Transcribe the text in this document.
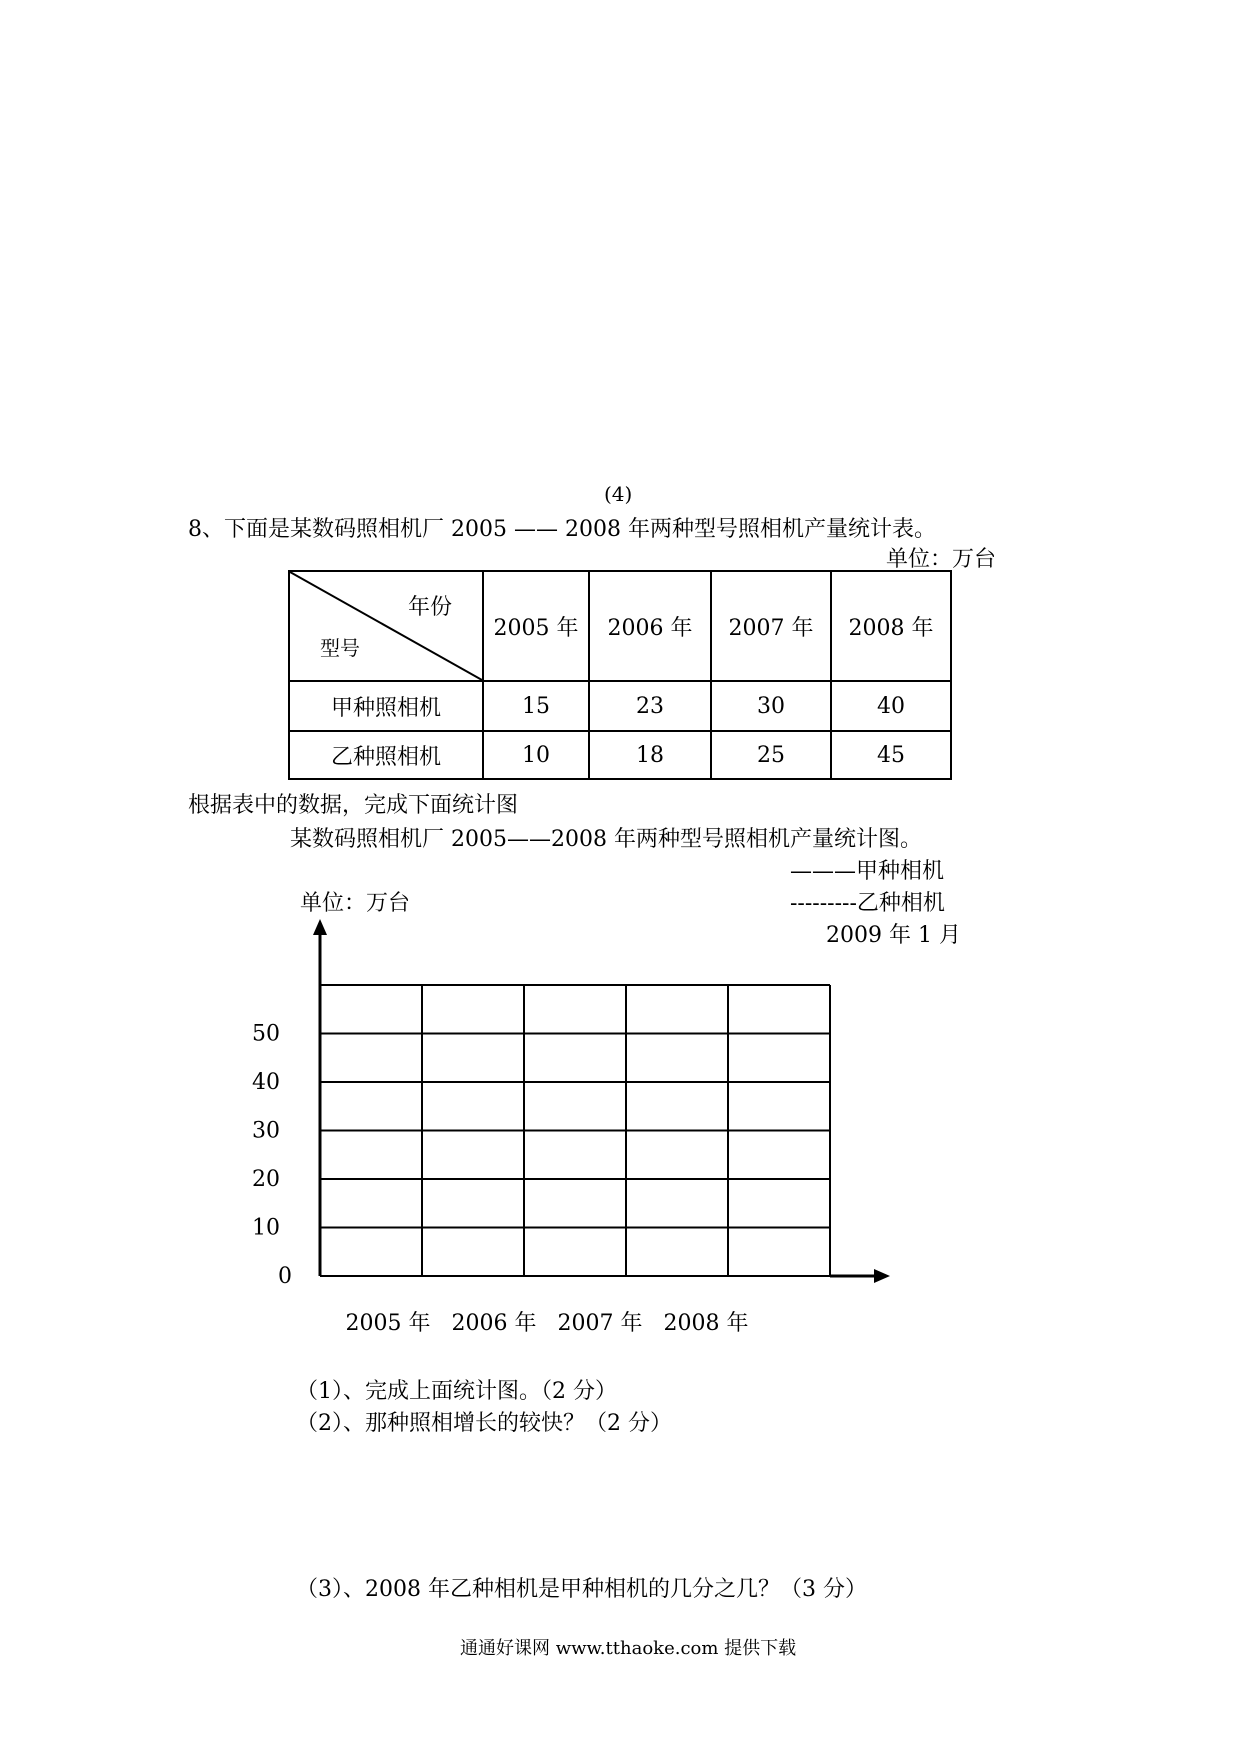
(4)
8、下面是某数码照相机厂 2005 —— 2008 年两种型号照相机产量统计表。
单位：万台
年份
型号	2005 年	2006 年	2007 年	2008 年
甲种照相机	15	23	30	40
乙种照相机	10	18	25	45
根据表中的数据，完成下面统计图
某数码照相机厂 2005——2008 年两种型号照相机产量统计图。
———甲种相机
---------乙种相机
2009 年 1 月
单位：万台
50
40
30
20
10
0
2005 年 2006 年 2007 年 2008 年
（1）、完成上面统计图。（2 分）
（2）、那种照相增长的较快？（2 分）
（3）、2008 年乙种相机是甲种相机的几分之几？（3 分）
通通好课网 www.tthaoke.com 提供下载
